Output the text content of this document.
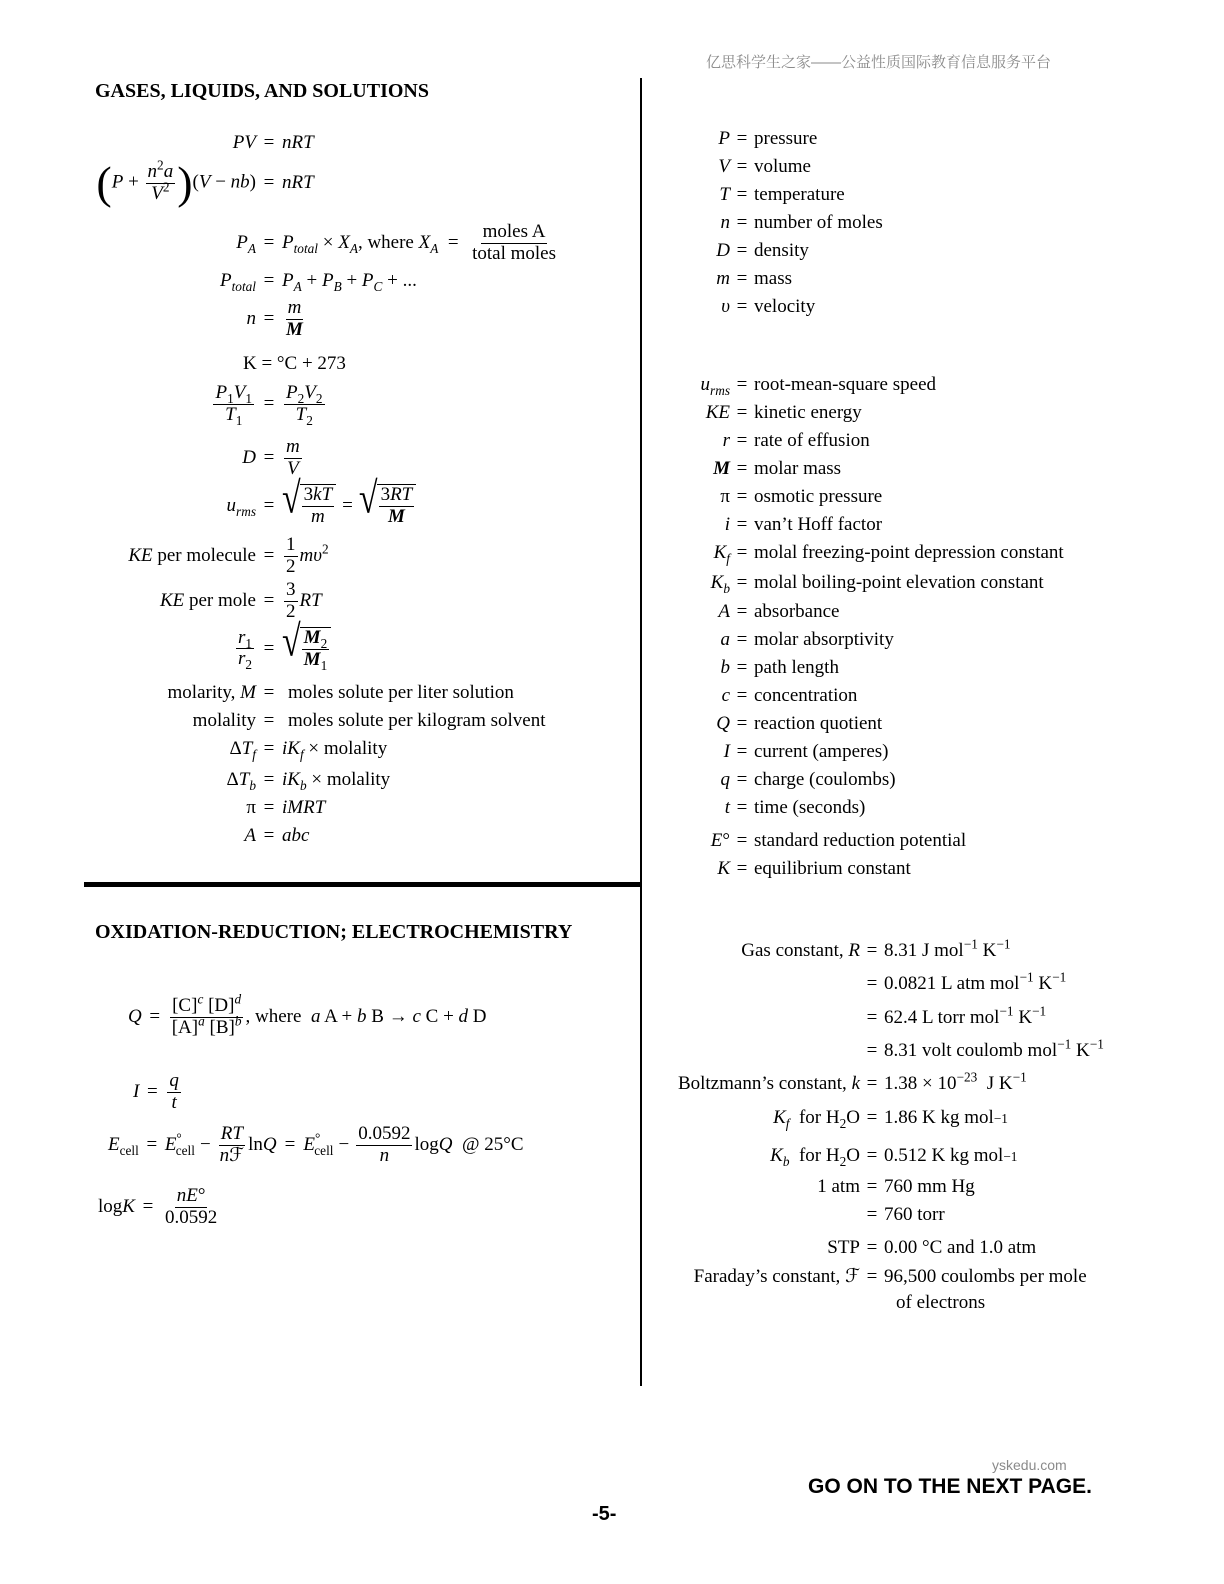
亿思科学生之家——公益性质国际教育信息服务平台
yskedu.com
GASES, LIQUIDS, AND SOLUTIONS
PV = nRT
$(P + \frac{n^2a}{V^2} )(V - nb)$ = nRT
$P_A = P_{total} \times X_A$, where $X_A = \frac{\text{moles A}}{\text{total moles}}$
$P_{total} = P_A + P_B + P_C$ + ...
$n = \frac{m}{M}$
K = °C + 273
$\frac{P_1V_1}{T_1} = \frac{P_2V_2}{T_2}$
$D = \frac{m}{V}$
$u_{rms}$ = √ $\frac{3kT}{m}$ = √ $\frac{3RT}{M}$
KE per molecule = $\frac{1}{2} m\upsilon^2$
KE per mole = $\frac{3}{2}$ RT
$\frac{r_1}{r_2}$ = √ $\frac{M_2}{M_1}$
molarity, M = moles solute per liter solution
molality = moles solute per kilogram solvent
$\Delta T_f = iK_f$ × molality
$\Delta T_b = iK_b$ × molality
π = iMRT
A = abc
OXIDATION-REDUCTION; ELECTROCHEMISTRY
$Q = \frac{[C]^c [D]^d}{[A]^a [B]^b}$ , where a A + b B → c C + d D
$I = \frac{q}{t}$
$E_{cell} = E^\circ_{cell} - \frac{RT}{\text{nℱ}}$ $\ln Q = E^\circ_{cell} - \frac{0.0592}{n}$ logQ @ 25°C
$\log K = \frac{nE^\circ}{0.0592}$
P = pressure
V = volume
T = temperature
n = number of moles
D = density
m = mass
υ = velocity
$u_{rms}$ = root-mean-square speed
KE = kinetic energy
r = rate of effusion
M = molar mass
π = osmotic pressure
i = van’t Hoff factor
$K_f$ = molal freezing-point depression constant
$K_b$ = molal boiling-point elevation constant
A = absorbance
a = molar absorptivity
b = path length
c = concentration
Q = reaction quotient
I = current (amperes)
q = charge (coulombs)
t = time (seconds)
E° = standard reduction potential
K = equilibrium constant
Gas constant, R = 8.31 J mol$^{-1}$ $K^{-1}$
= 0.0821 L atm mol$^{-1}$ $K^{-1}$
= 62.4 L torr mol$^{-1}$ $K^{-1}$
= 8.31 volt coulomb mol$^{-1}$ $K^{-1}$
Boltzmann’s constant, $k = 1.38 \times 10^{-23}$  J $K^{-1}$
$K_f$ for $H_2O = 1.86$ K kg mol −1
$K_b$ for $H_2O = 0.512$ K kg mol −1
1 atm = 760 mm Hg
= 760 torr
STP = 0.00 °C and 1.0 atm
Faraday’s constant, ℱ = 96,500 coulombs per mole
of electrons
GO ON TO THE NEXT PAGE.
-5-
